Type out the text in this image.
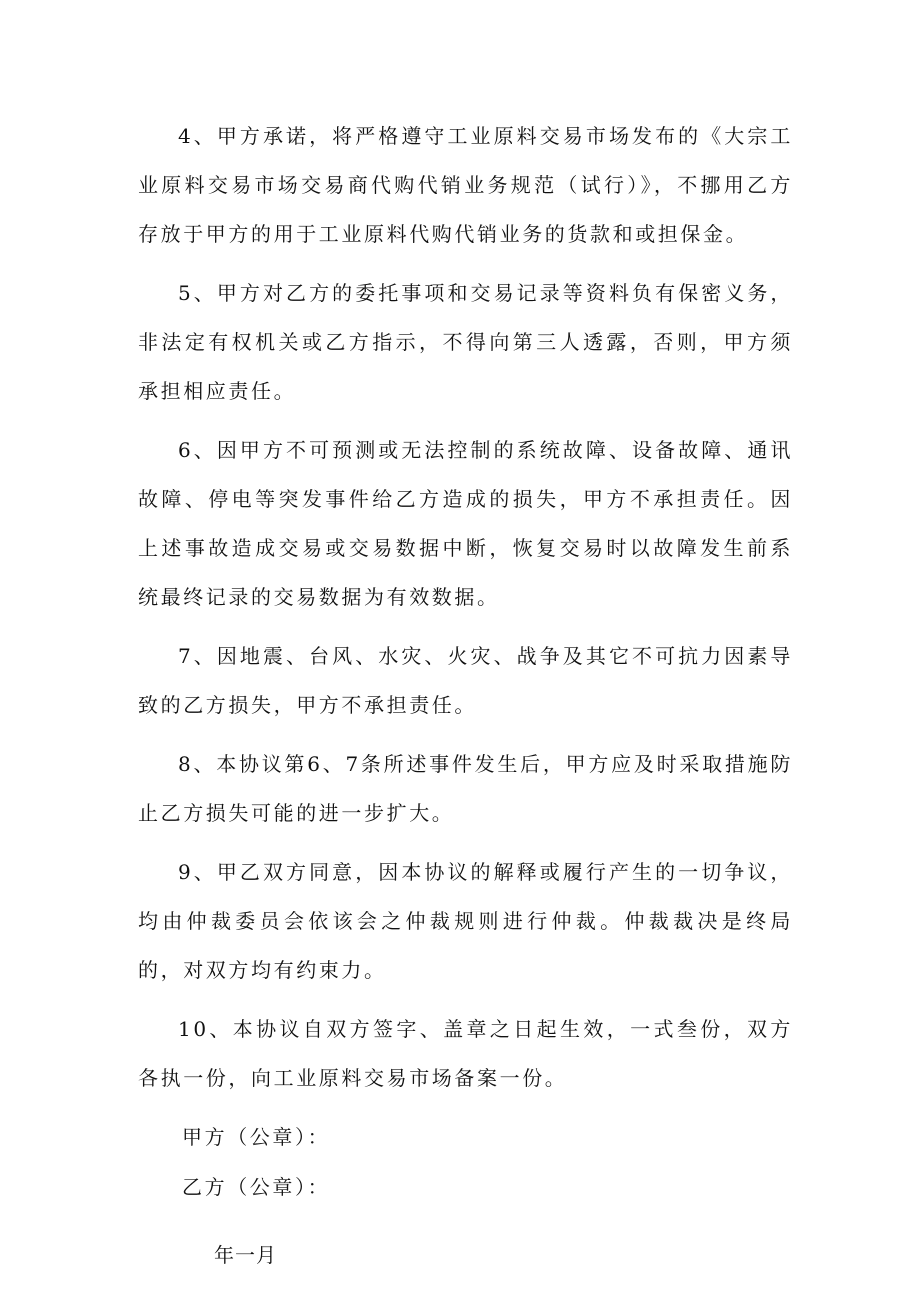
4、甲方承诺，将严格遵守工业原料交易市场发布的《大宗工业原料交易市场交易商代购代销业务规范（试行）》，不挪用乙方存放于甲方的用于工业原料代购代销业务的货款和或担保金。

5、甲方对乙方的委托事项和交易记录等资料负有保密义务，非法定有权机关或乙方指示，不得向第三人透露，否则，甲方须承担相应责任。

6、因甲方不可预测或无法控制的系统故障、设备故障、通讯故障、停电等突发事件给乙方造成的损失，甲方不承担责任。因上述事故造成交易或交易数据中断，恢复交易时以故障发生前系统最终记录的交易数据为有效数据。

7、因地震、台风、水灾、火灾、战争及其它不可抗力因素导致的乙方损失，甲方不承担责任。

8、本协议第6、7条所述事件发生后，甲方应及时采取措施防止乙方损失可能的进一步扩大。

9、甲乙双方同意，因本协议的解释或履行产生的一切争议，均由仲裁委员会依该会之仲裁规则进行仲裁。仲裁裁决是终局的，对双方均有约束力。

10、本协议自双方签字、盖章之日起生效，一式叁份，双方各执一份，向工业原料交易市场备案一份。

甲方（公章）：

乙方（公章）：

年一月
